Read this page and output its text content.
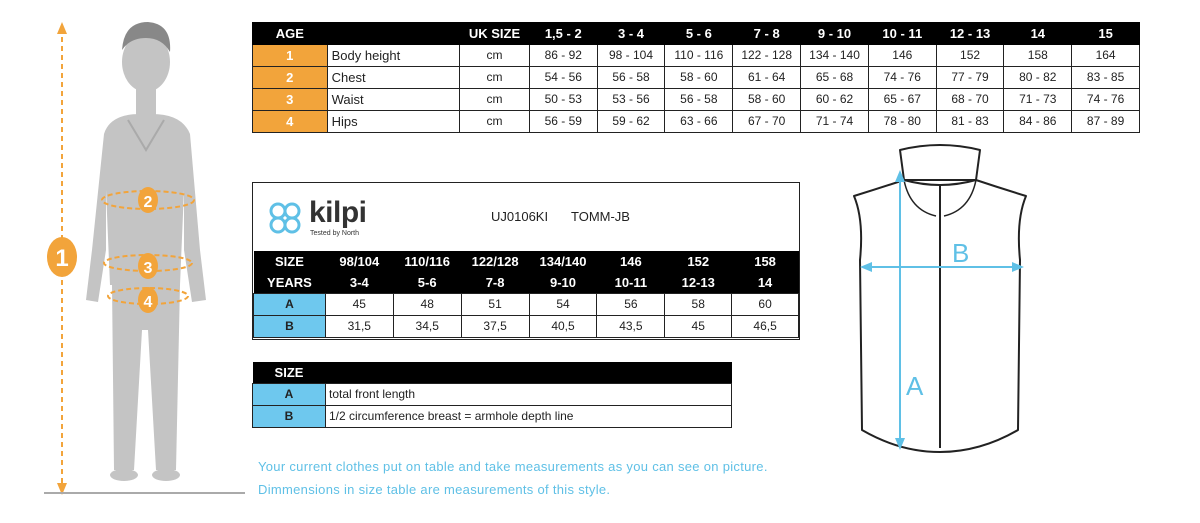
1
2
3
4
AGE		UK SIZE	1,5 - 2	3 - 4	5 - 6	7 - 8	9 - 10	10 - 11	12 - 13	14	15
1	Body height	cm	86 - 92	98 - 104	110 - 116	122 - 128	134 - 140	146	152	158	164
2	Chest	cm	54 - 56	56 - 58	58 - 60	61 - 64	65 - 68	74 - 76	77 - 79	80 - 82	83 - 85
3	Waist	cm	50 - 53	53 - 56	56 - 58	58 - 60	60 - 62	65 - 67	68 - 70	71 - 73	74 - 76
4	Hips	cm	56 - 59	59 - 62	63 - 66	67 - 70	71 - 74	78 - 80	81 - 83	84 - 86	87 - 89
kilpi
Tested by North
UJ0106KI TOMM-JB
SIZE	98/104	110/116	122/128	134/140	146	152	158
YEARS	3-4	5-6	7-8	9-10	10-11	12-13	14
A	45	48	51	54	56	58	60
B	31,5	34,5	37,5	40,5	43,5	45	46,5
SIZE	
A	total front length
B	1/2 circumference breast = armhole depth line
Your current clothes put on table and take measurements as you can see on picture.
Dimmensions in size table are measurements of this style.
A
B
